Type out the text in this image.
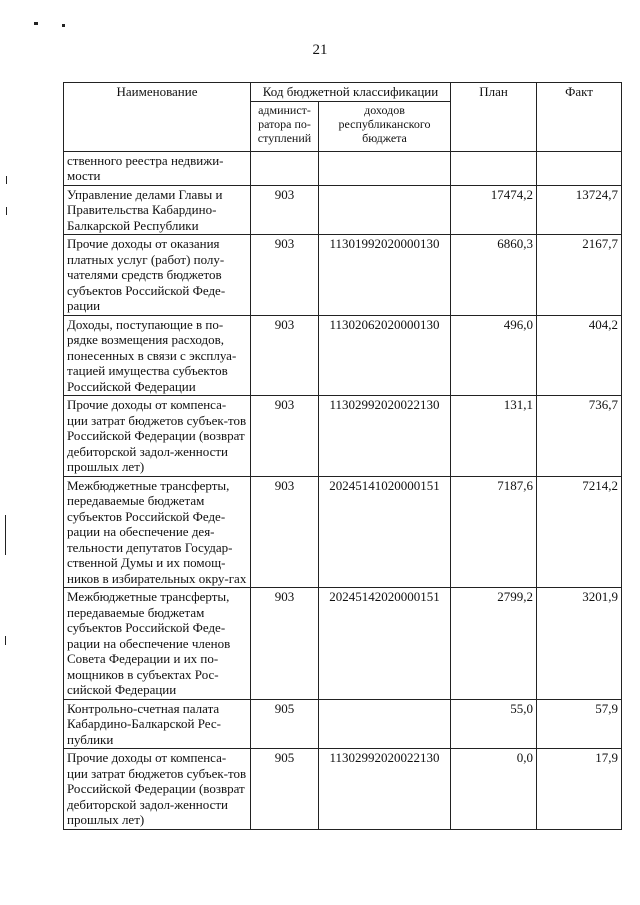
21
Наименование	Код бюджетной классификации		План	Факт
	админист-ратора по-ступлений	доходов республиканского бюджета		
ственного реестра недвижи-мости				
Управление делами Главы и Правительства Кабардино-Балкарской Республики	903		17474,2	13724,7
Прочие доходы от оказания платных услуг (работ) полу-чателями средств бюджетов субъектов Российской Феде-рации	903	11301992020000130	6860,3	2167,7
Доходы, поступающие в по-рядке возмещения расходов, понесенных в связи с эксплуа-тацией имущества субъектов Российской Федерации	903	11302062020000130	496,0	404,2
Прочие доходы от компенса-ции затрат бюджетов субъек-тов Российской Федерации (возврат дебиторской задол-женности прошлых лет)	903	11302992020022130	131,1	736,7
Межбюджетные трансферты, передаваемые бюджетам субъектов Российской Феде-рации на обеспечение дея-тельности депутатов Государ-ственной Думы и их помощ-ников в избирательных окру-гах	903	20245141020000151	7187,6	7214,2
Межбюджетные трансферты, передаваемые бюджетам субъектов Российской Феде-рации на обеспечение членов Совета Федерации и их по-мощников в субъектах Рос-сийской Федерации	903	20245142020000151	2799,2	3201,9
Контрольно-счетная палата Кабардино-Балкарской Рес-публики	905		55,0	57,9
Прочие доходы от компенса-ции затрат бюджетов субъек-тов Российской Федерации (возврат дебиторской задол-женности прошлых лет)	905	11302992020022130	0,0	17,9
